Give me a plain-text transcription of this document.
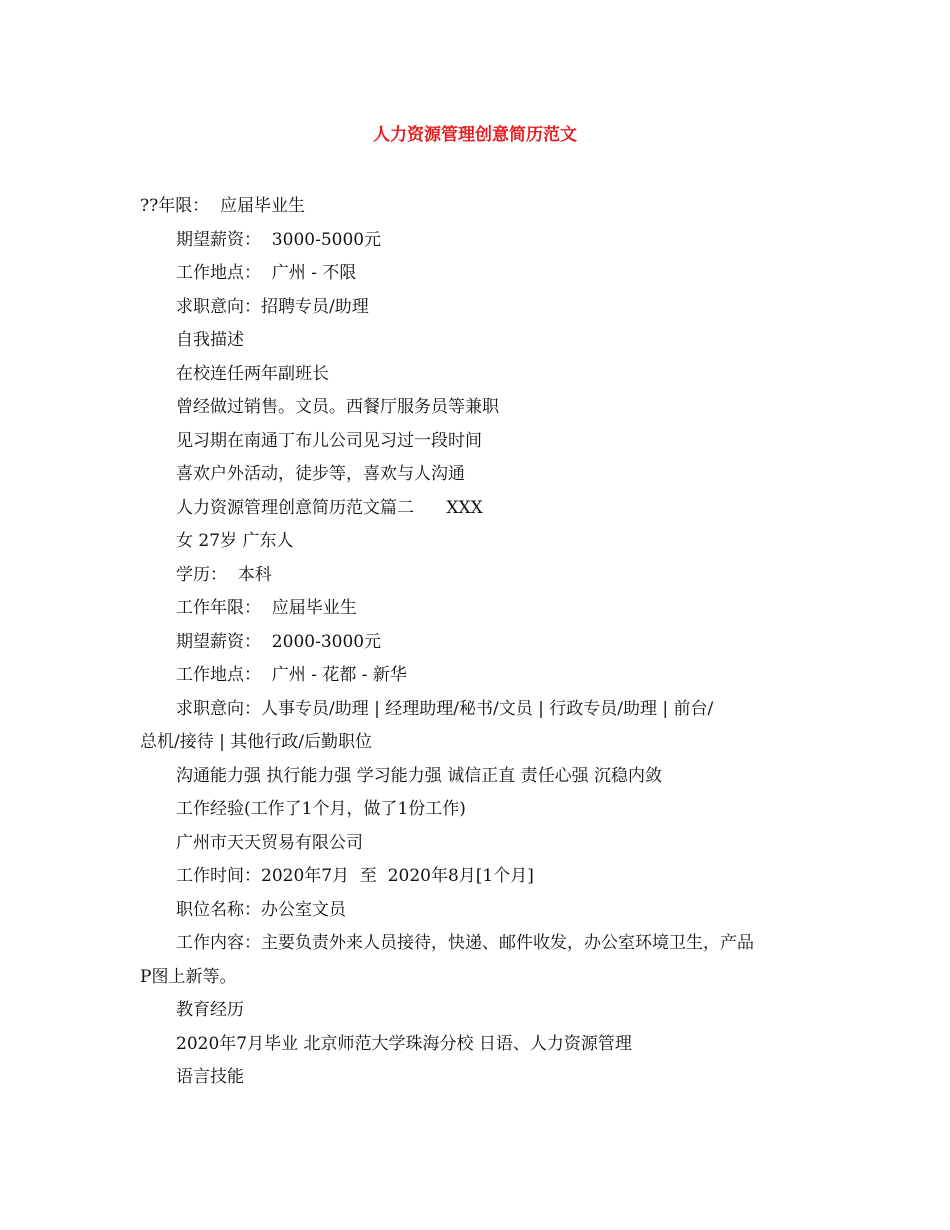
人力资源管理创意简历范文
??年限：  应届毕业生
期望薪资：  3000-5000元
工作地点：  广州 - 不限
求职意向：招聘专员/助理
自我描述
在校连任两年副班长
曾经做过销售。文员。西餐厅服务员等兼职
见习期在南通丁布儿公司见习过一段时间
喜欢户外活动，徒步等，喜欢与人沟通
人力资源管理创意简历范文篇二      XXX
女 27岁 广东人
学历：  本科
工作年限：  应届毕业生
期望薪资：  2000-3000元
工作地点：  广州 - 花都 - 新华
求职意向：人事专员/助理 | 经理助理/秘书/文员 | 行政专员/助理 | 前台/
总机/接待 | 其他行政/后勤职位
沟通能力强 执行能力强 学习能力强 诚信正直 责任心强 沉稳内敛
工作经验(工作了1个月，做了1份工作)
广州市天天贸易有限公司
工作时间：2020年7月  至  2020年8月[1个月]
职位名称：办公室文员
工作内容：主要负责外来人员接待，快递、邮件收发，办公室环境卫生，产品
P图上新等。
教育经历
2020年7月毕业 北京师范大学珠海分校 日语、人力资源管理
语言技能
